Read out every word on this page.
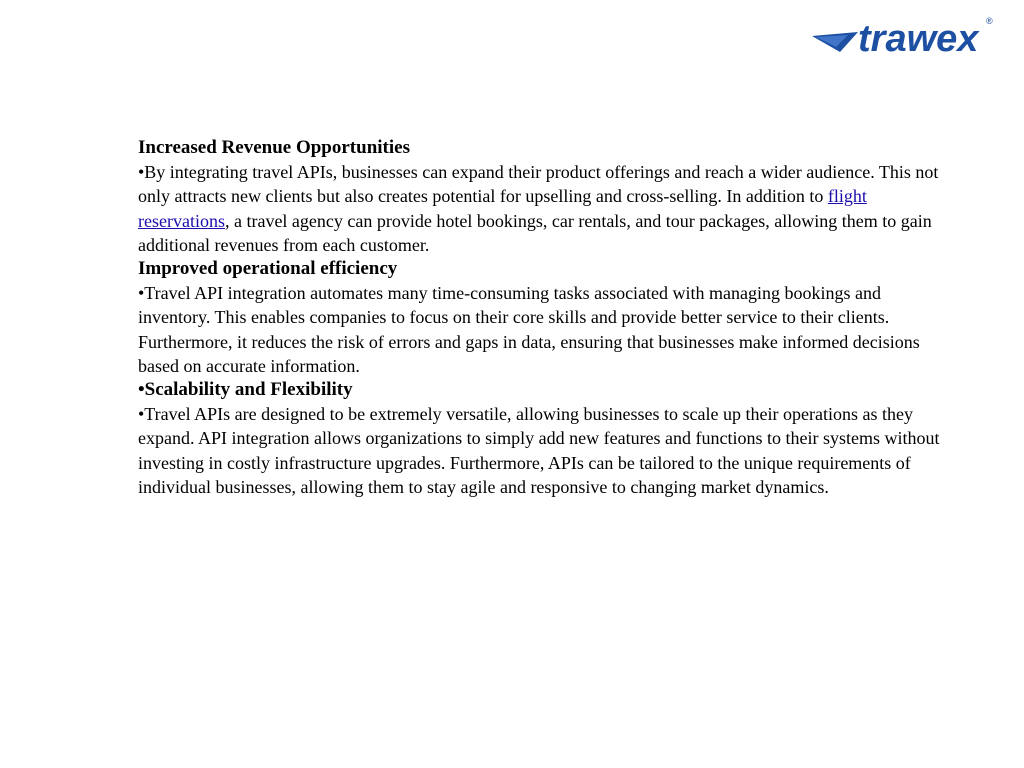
trawex ®

Increased Revenue Opportunities

•By integrating travel APIs, businesses can expand their product offerings and reach a wider audience. This not only attracts new clients but also creates potential for upselling and cross-selling. In addition to flight reservations, a travel agency can provide hotel bookings, car rentals, and tour packages, allowing them to gain additional revenues from each customer.

Improved operational efficiency

•Travel API integration automates many time-consuming tasks associated with managing bookings and inventory. This enables companies to focus on their core skills and provide better service to their clients. Furthermore, it reduces the risk of errors and gaps in data, ensuring that businesses make informed decisions based on accurate information.

•Scalability and Flexibility

•Travel APIs are designed to be extremely versatile, allowing businesses to scale up their operations as they expand. API integration allows organizations to simply add new features and functions to their systems without investing in costly infrastructure upgrades. Furthermore, APIs can be tailored to the unique requirements of individual businesses, allowing them to stay agile and responsive to changing market dynamics.
